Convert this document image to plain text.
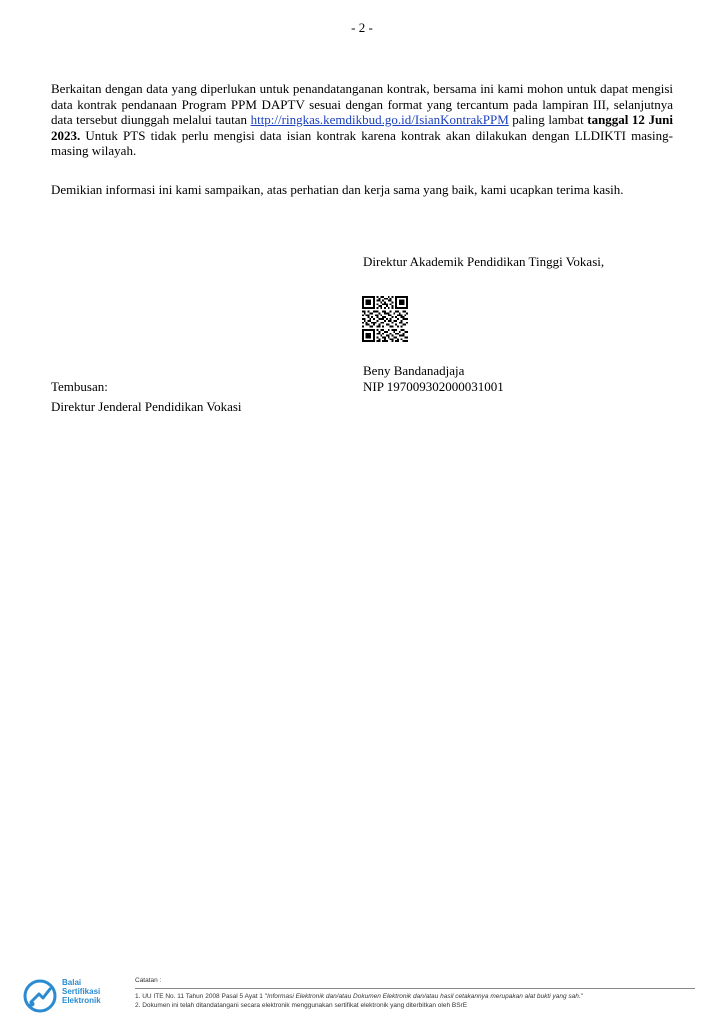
- 2 -
Berkaitan dengan data yang diperlukan untuk penandatanganan kontrak, bersama ini kami mohon untuk dapat mengisi data kontrak pendanaan Program PPM DAPTV sesuai dengan format yang tercantum pada lampiran III, selanjutnya data tersebut diunggah melalui tautan http://ringkas.kemdikbud.go.id/IsianKontrakPPM paling lambat tanggal 12 Juni 2023. Untuk PTS tidak perlu mengisi data isian kontrak karena kontrak akan dilakukan dengan LLDIKTI masing-masing wilayah.
Demikian informasi ini kami sampaikan, atas perhatian dan kerja sama yang baik, kami ucapkan terima kasih.
Direktur Akademik Pendidikan Tinggi Vokasi,
Beny Bandanadjaja
NIP 197009302000031001
Tembusan:
Direktur Jenderal Pendidikan Vokasi
Balai
Sertifikasi
Elektronik
Catatan :
1. UU ITE No. 11 Tahun 2008 Pasal 5 Ayat 1 "Informasi Elektronik dan/atau Dokumen Elektronik dan/atau hasil cetakannya merupakan alat bukti yang sah."
2. Dokumen ini telah ditandatangani secara elektronik menggunakan sertifikat elektronik yang diterbitkan oleh BSrE
